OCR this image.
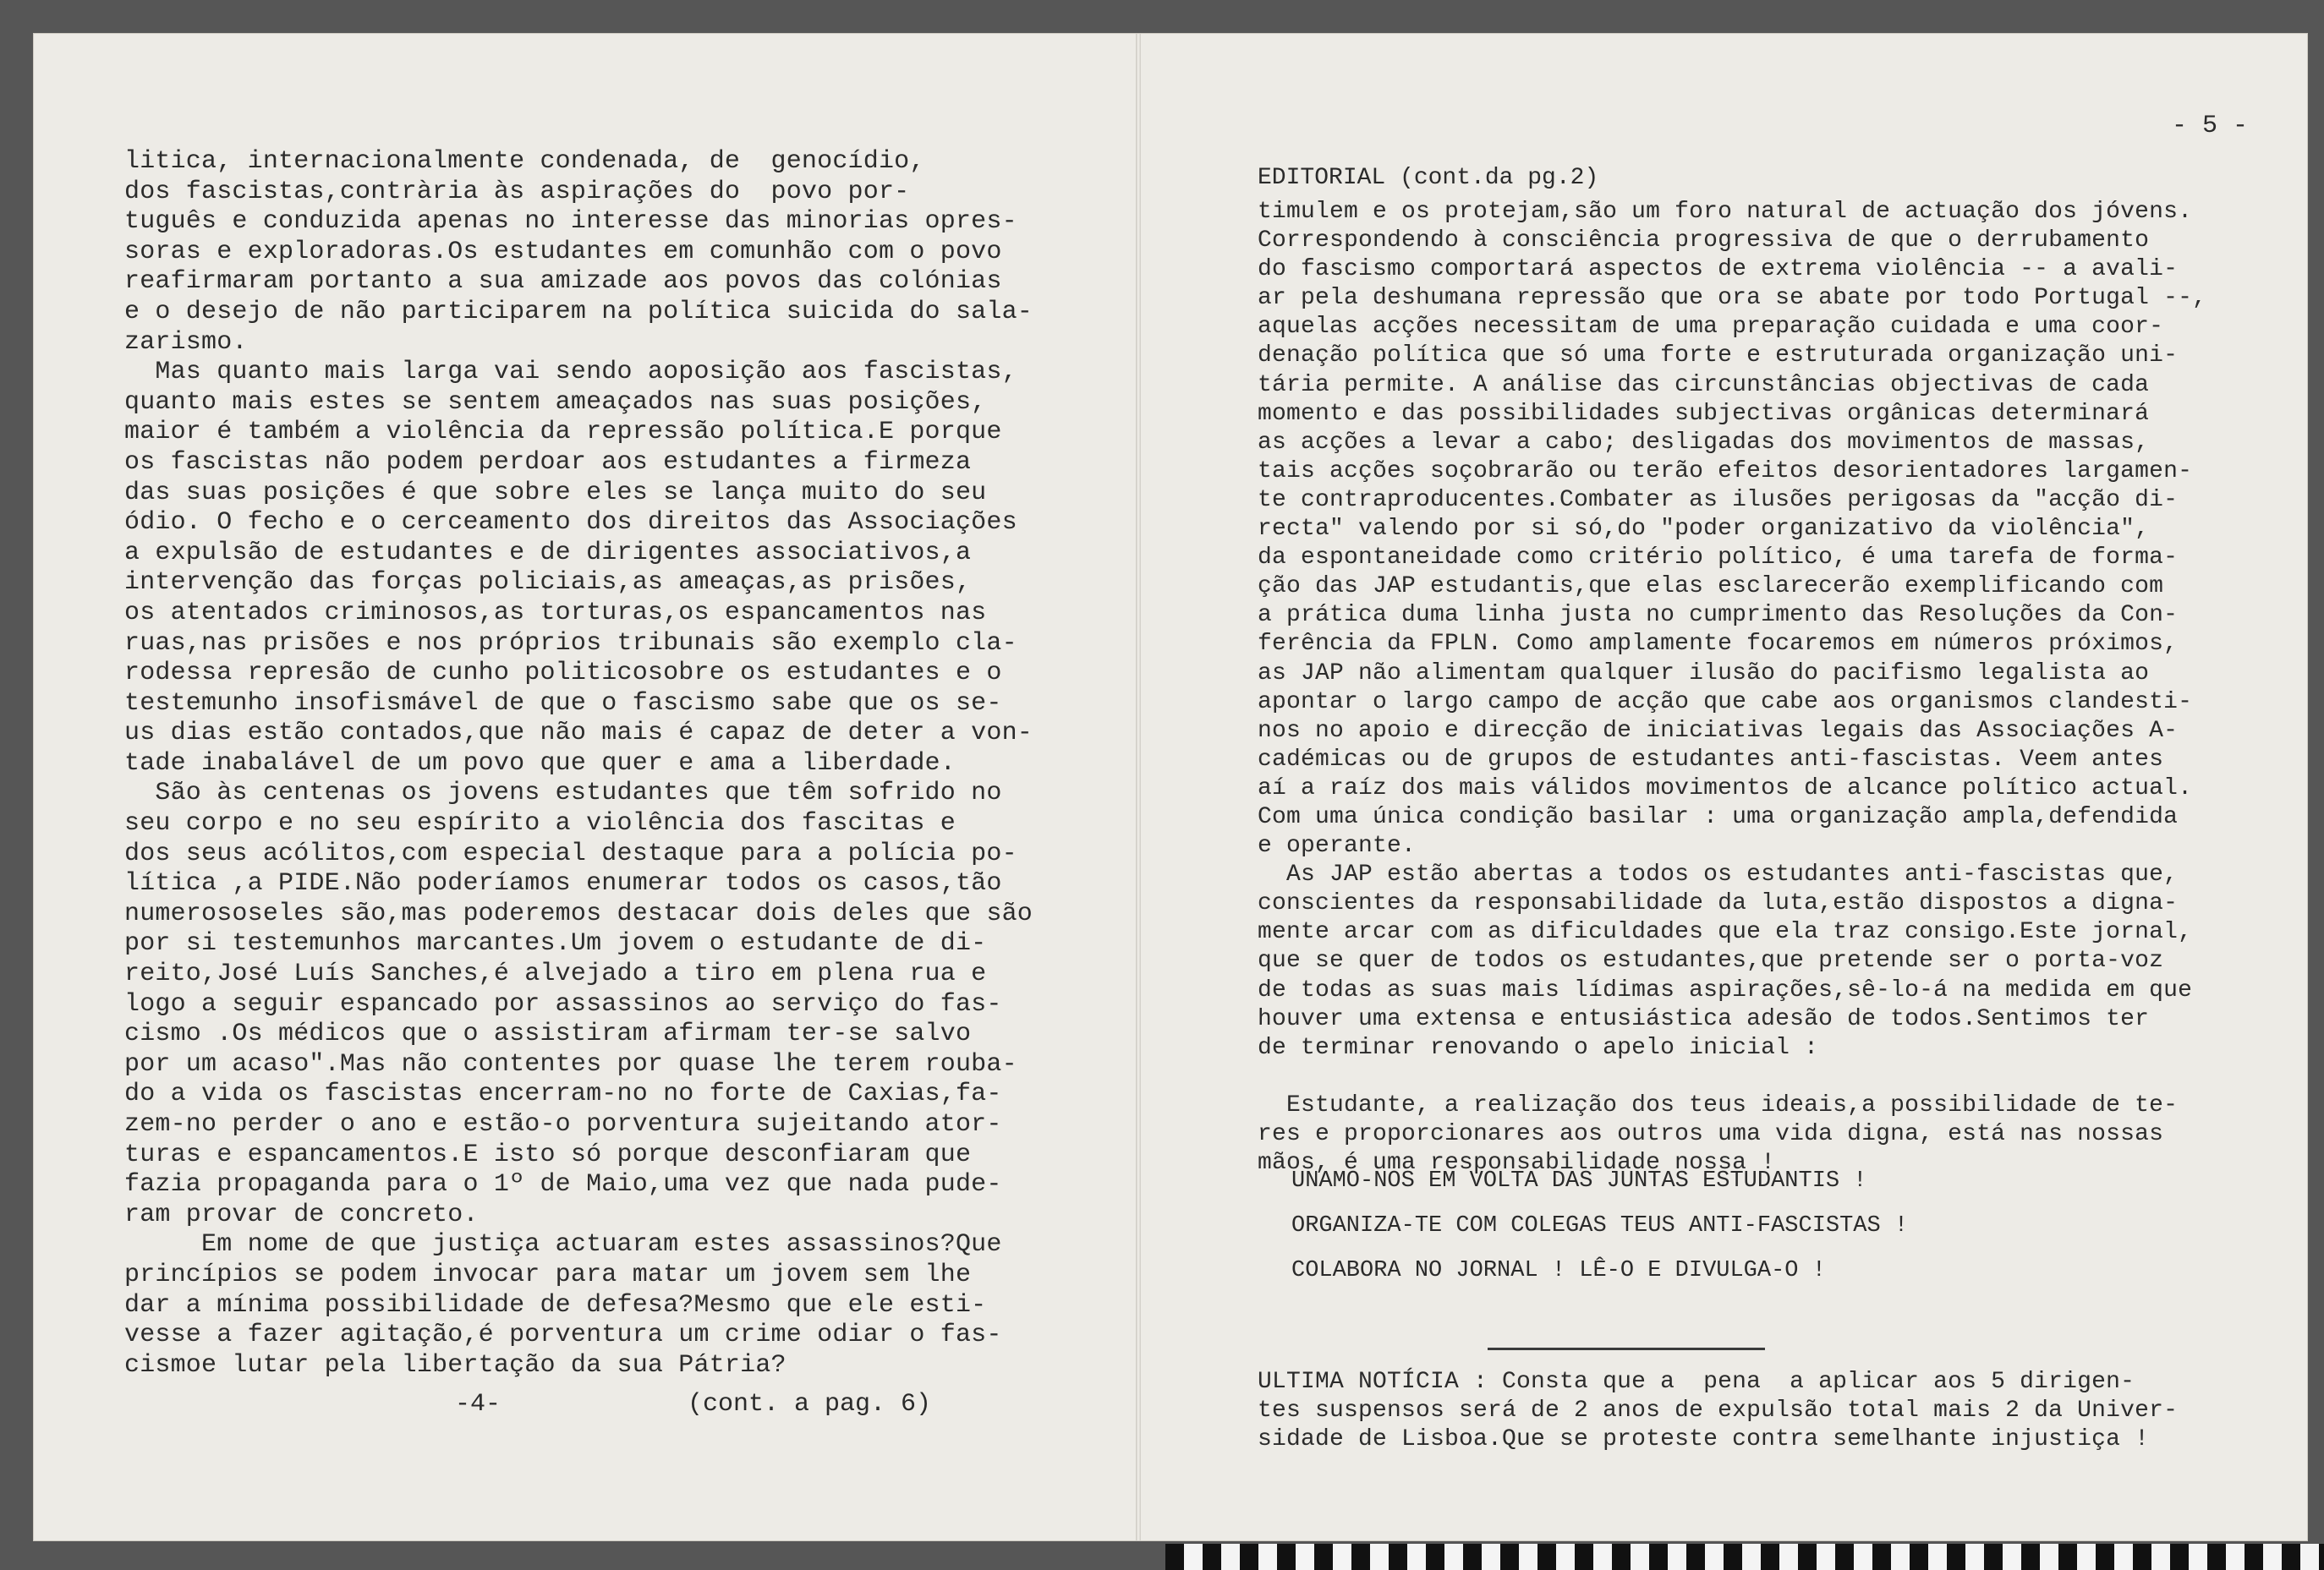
litica, internacionalmente condenada, de  genocídio,
dos fascistas,contrària às aspirações do  povo por-
tuguês e conduzida apenas no interesse das minorias opres-
soras e exploradoras.Os estudantes em comunhão com o povo
reafirmaram portanto a sua amizade aos povos das colónias
e o desejo de não participarem na política suicida do sala-
zarismo.
Mas quanto mais larga vai sendo aoposição aos fascistas,
quanto mais estes se sentem ameaçados nas suas posições,
maior é também a violência da repressão política.E porque
os fascistas não podem perdoar aos estudantes a firmeza
das suas posições é que sobre eles se lança muito do seu
ódio. O fecho e o cerceamento dos direitos das Associações
a expulsão de estudantes e de dirigentes associativos,a
intervenção das forças policiais,as ameaças,as prisões,
os atentados criminosos,as torturas,os espancamentos nas
ruas,nas prisões e nos próprios tribunais são exemplo cla-
rodessa represão de cunho politicosobre os estudantes e o
testemunho insofismável de que o fascismo sabe que os se-
us dias estão contados,que não mais é capaz de deter a von-
tade inabalável de um povo que quer e ama a liberdade.
São às centenas os jovens estudantes que têm sofrido no
seu corpo e no seu espírito a violência dos fascitas e
dos seus acólitos,com especial destaque para a polícia po-
lítica ,a PIDE.Não poderíamos enumerar todos os casos,tão
numerososeles são,mas poderemos destacar dois deles que são
por si testemunhos marcantes.Um jovem o estudante de di-
reito,José Luís Sanches,é alvejado a tiro em plena rua e
logo a seguir espancado por assassinos ao serviço do fas-
cismo .Os médicos que o assistiram afirmam ter-se salvo
por um acaso".Mas não contentes por quase lhe terem rouba-
do a vida os fascistas encerram-no no forte de Caxias,fa-
zem-no perder o ano e estão-o porventura sujeitando ator-
turas e espancamentos.E isto só porque desconfiaram que
fazia propaganda para o 1º de Maio,uma vez que nada pude-
ram provar de concreto.
Em nome de que justiça actuaram estes assassinos?Que
princípios se podem invocar para matar um jovem sem lhe
dar a mínima possibilidade de defesa?Mesmo que ele esti-
vesse a fazer agitação,é porventura um crime odiar o fas-
cismoe lutar pela libertação da sua Pátria?
-4-	(cont. a pag. 6)
- 5 -
EDITORIAL (cont.da pg.2)
timulem e os protejam,são um foro natural de actuação dos jóvens.
Correspondendo à consciência progressiva de que o derrubamento
do fascismo comportará aspectos de extrema violência -- a avali-
ar pela deshumana repressão que ora se abate por todo Portugal --,
aquelas acções necessitam de uma preparação cuidada e uma coor-
denação política que só uma forte e estruturada organização uni-
tária permite. A análise das circunstâncias objectivas de cada
momento e das possibilidades subjectivas orgânicas determinará
as acções a levar a cabo; desligadas dos movimentos de massas,
tais acções soçobrarão ou terão efeitos desorientadores largamen-
te contraproducentes.Combater as ilusões perigosas da "acção di-
recta" valendo por si só,do "poder organizativo da violência",
da espontaneidade como critério político, é uma tarefa de forma-
ção das JAP estudantis,que elas esclarecerão exemplificando com
a prática duma linha justa no cumprimento das Resoluções da Con-
ferência da FPLN. Como amplamente focaremos em números próximos,
as JAP não alimentam qualquer ilusão do pacifismo legalista ao
apontar o largo campo de acção que cabe aos organismos clandesti-
nos no apoio e direcção de iniciativas legais das Associações A-
cadémicas ou de grupos de estudantes anti-fascistas. Veem antes
aí a raíz dos mais válidos movimentos de alcance político actual.
Com uma única condição basilar : uma organização ampla,defendida
e operante.
As JAP estão abertas a todos os estudantes anti-fascistas que,
conscientes da responsabilidade da luta,estão dispostos a digna-
mente arcar com as dificuldades que ela traz consigo.Este jornal,
que se quer de todos os estudantes,que pretende ser o porta-voz
de todas as suas mais lídimas aspirações,sê-lo-á na medida em que
houver uma extensa e entusiástica adesão de todos.Sentimos ter
de terminar renovando o apelo inicial :

Estudante, a realização dos teus ideais,a possibilidade de te-
res e proporcionares aos outros uma vida digna, está nas nossas
mãos, é uma responsabilidade nossa !

UNAMO-NOS EM VOLTA DAS JUNTAS ESTUDANTIS !

ORGANIZA-TE COM COLEGAS TEUS ANTI-FASCISTAS !

COLABORA NO JORNAL ! LÊ-O E DIVULGA-O !

ULTIMA NOTÍCIA : Consta que a  pena  a aplicar aos 5 dirigen-
tes suspensos será de 2 anos de expulsão total mais 2 da Univer-
sidade de Lisboa.Que se proteste contra semelhante injustiça !
